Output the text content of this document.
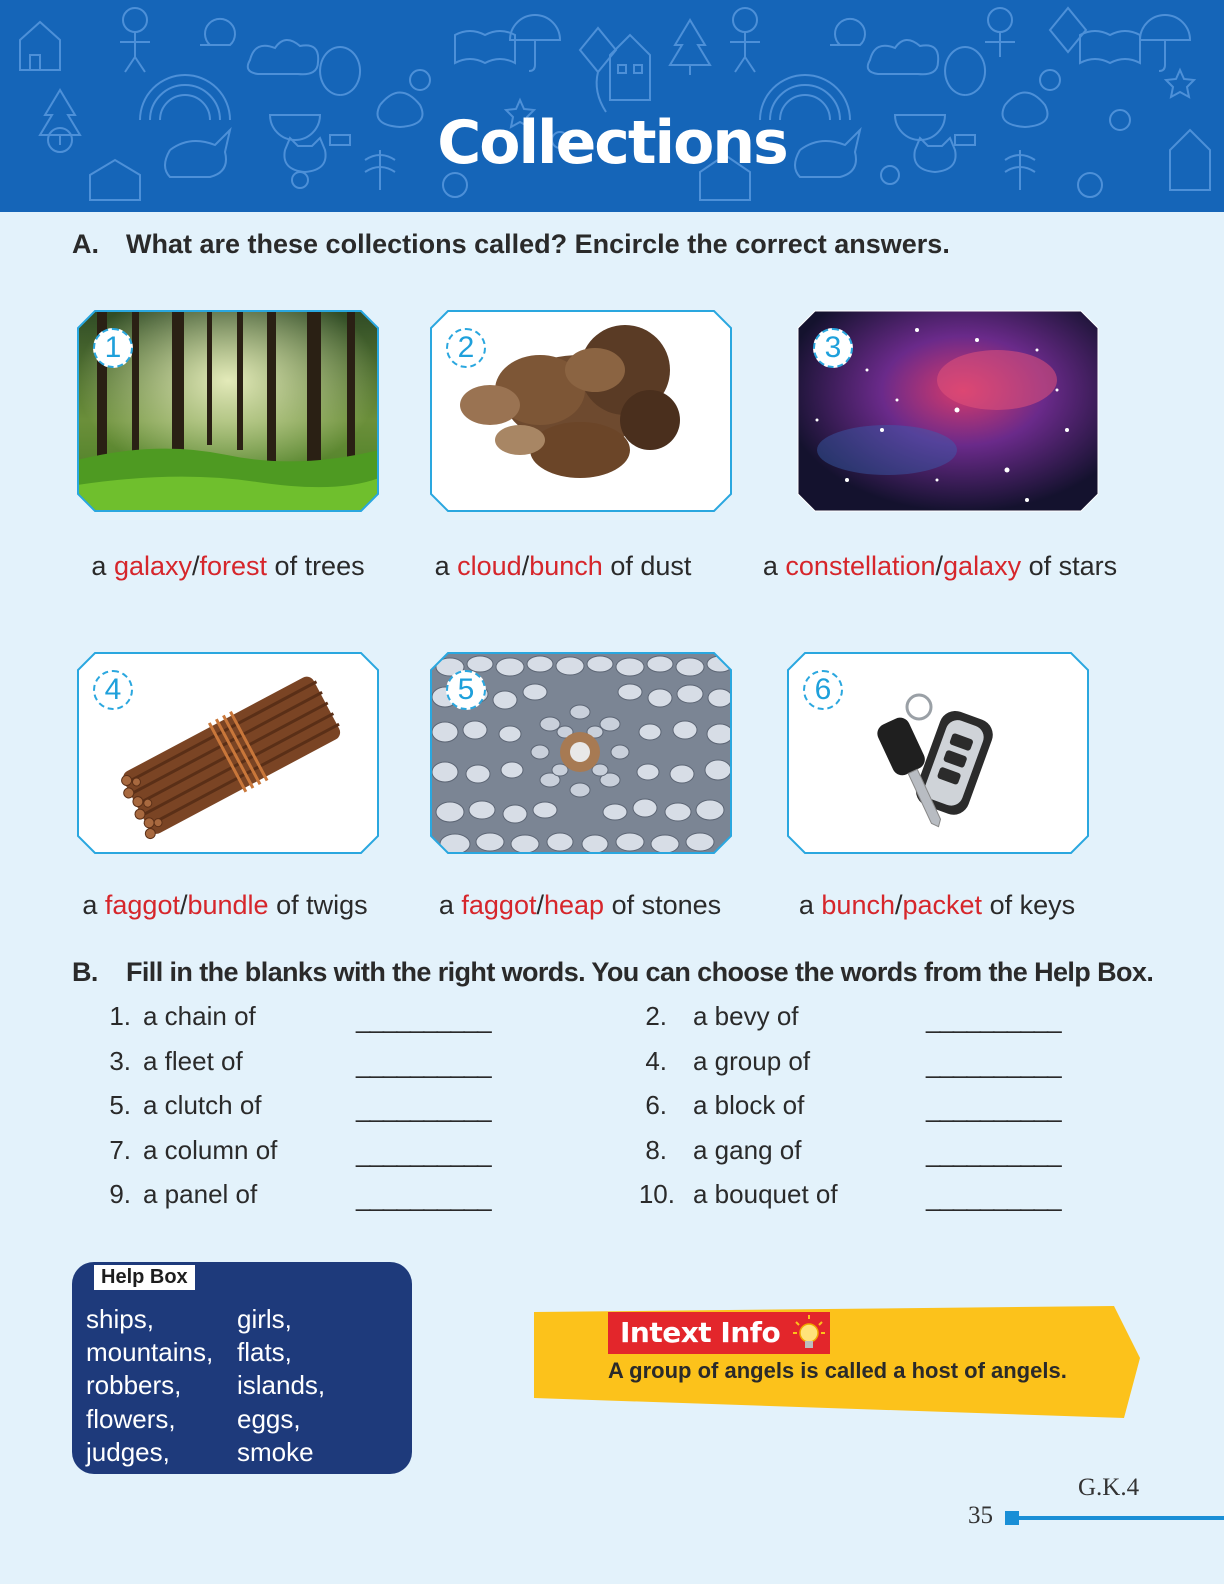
Collections
A. What are these collections called? Encircle the correct answers.
1	2	3
a galaxy/forest of trees	a cloud/bunch of dust	a constellation/galaxy of stars
4	5	6
a faggot/bundle of twigs	a faggot/heap of stones	a bunch/packet of keys
B. Fill in the blanks with the right words. You can choose the words from the Help Box.
1. a chain of	__________
3. a fleet of	__________
5. a clutch of	__________
7. a column of	__________
9. a panel of	__________
2. a bevy of	__________
4. a group of	__________
6. a block of	__________
8. a gang of	__________
10. a bouquet of	__________
Help Box
ships,
mountains,
robbers,
flowers,
judges,
girls,
flats,
islands,
eggs,
smoke
Intext Info
A group of angels is called a host of angels.
G.K.4
35
